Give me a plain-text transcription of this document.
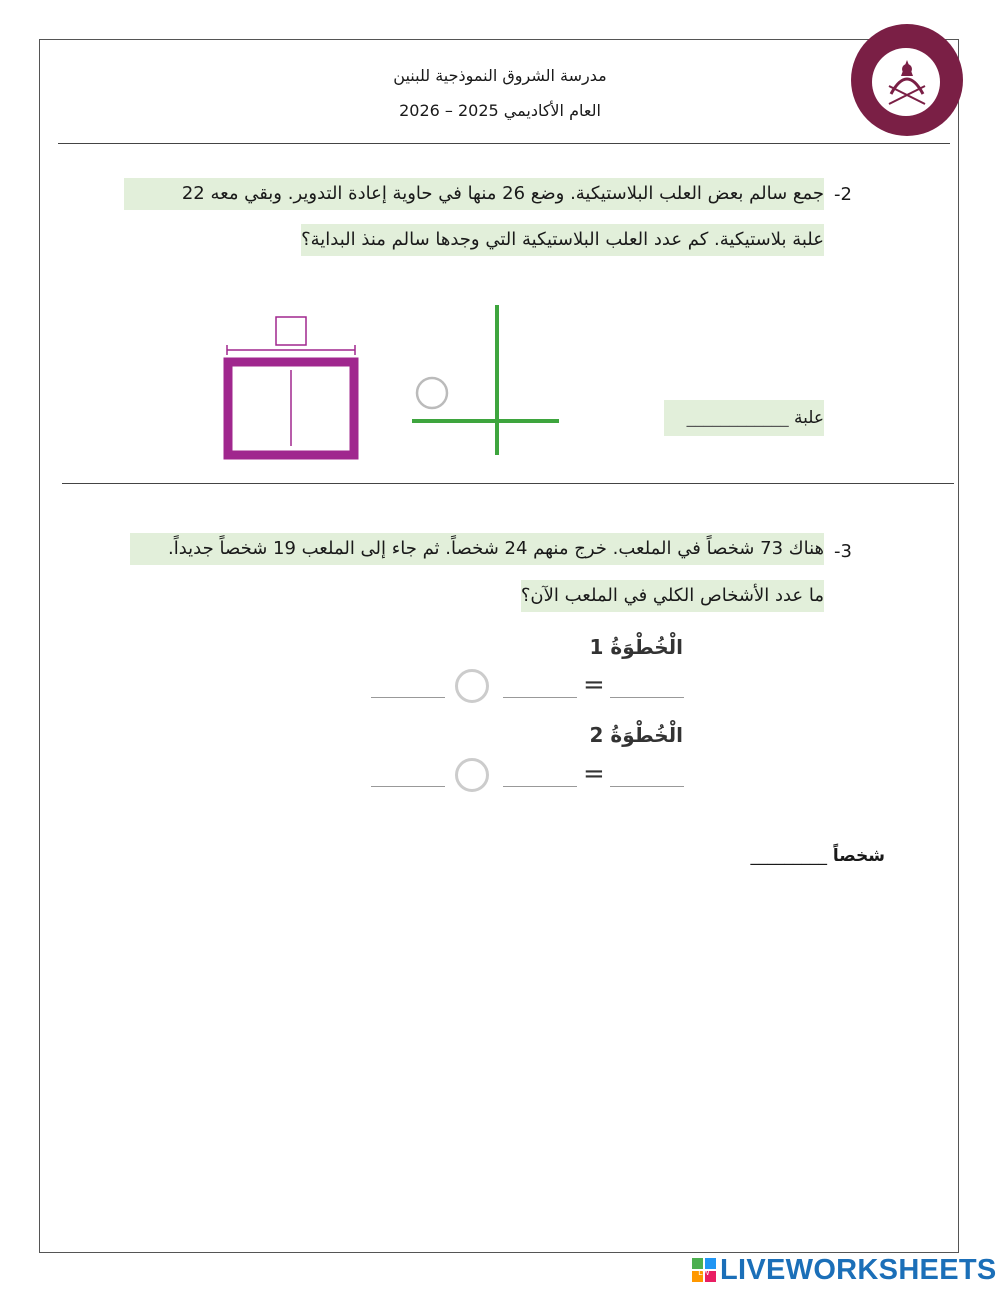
مدرسة الشروق النموذجية للبنين
العام الأكاديمي 2025 – 2026
-2
جمع سالم بعض العلب البلاستيكية. وضع 26 منها في حاوية إعادة التدوير. وبقي معه 22
علبة بلاستيكية. كم عدد العلب البلاستيكية التي وجدها سالم منذ البداية؟
علبة ____________
-3
هناك 73 شخصاً في الملعب. خرج منهم 24 شخصاً. ثم جاء إلى الملعب 19 شخصاً جديداً.
ما عدد الأشخاص الكلي في الملعب الآن؟
الْخُطْوَةُ 1
=
الْخُطْوَةُ 2
=
شخصاً _________
LW LIVEWORKSHEETS
